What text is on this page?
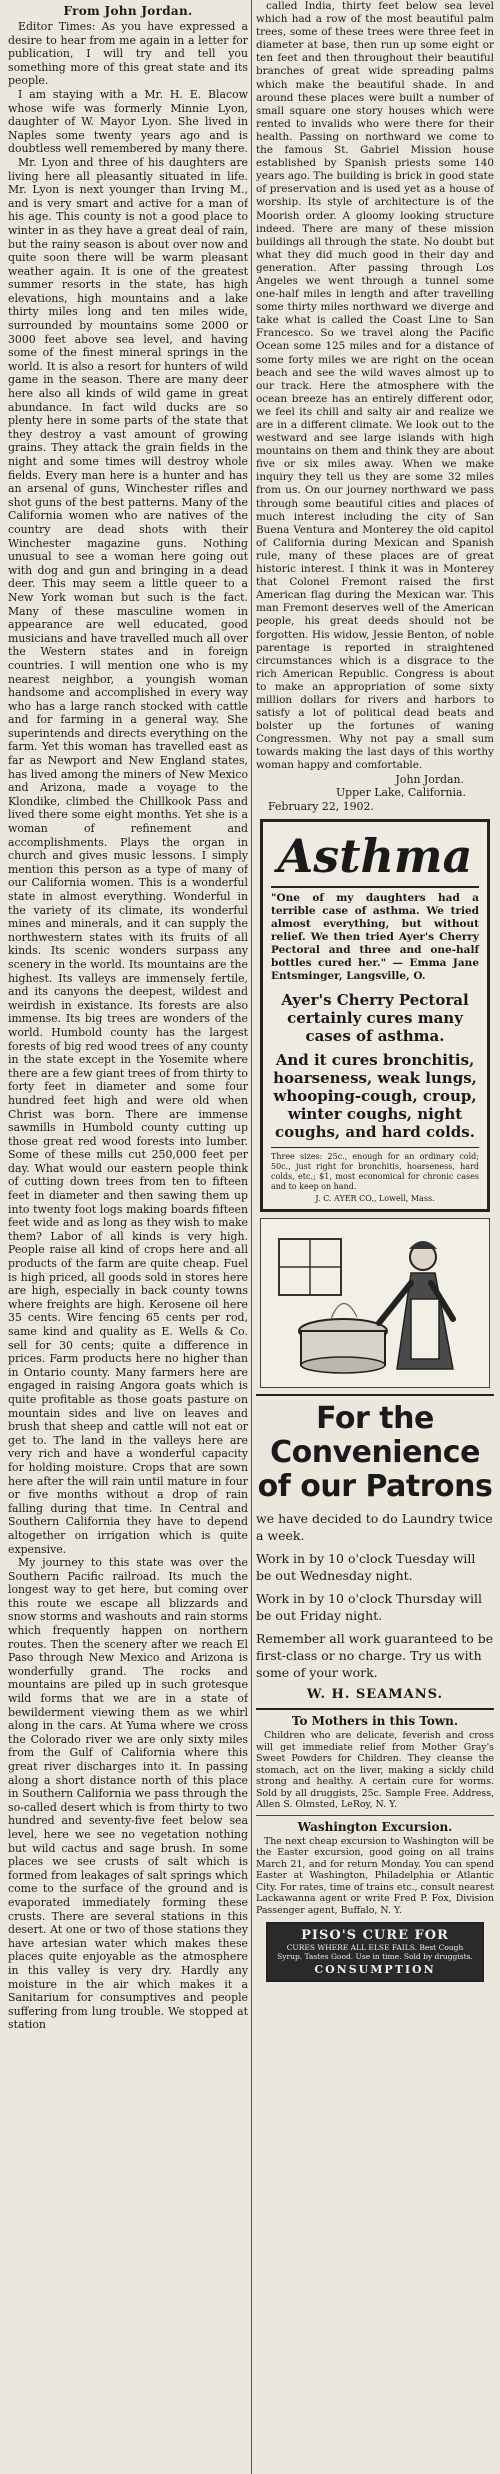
From John Jordan.

Editor Times: As you have expressed a desire to hear from me again in a letter for publication, I will try and tell you something more of this great state and its people.

I am staying with a Mr. H. E. Blacow whose wife was formerly Minnie Lyon, daughter of W. Mayor Lyon. She lived in Naples some twenty years ago and is doubtless well remembered by many there.

Mr. Lyon and three of his daughters are living here all pleasantly situated in life. Mr. Lyon is next younger than Irving M., and is very smart and active for a man of his age. This county is not a good place to winter in as they have a great deal of rain, but the rainy season is about over now and quite soon there will be warm pleasant weather again. It is one of the greatest summer resorts in the state, has high elevations, high mountains and a lake thirty miles long and ten miles wide, surrounded by mountains some 2000 or 3000 feet above sea level, and having some of the finest mineral springs in the world. It is also a resort for hunters of wild game in the season. There are many deer here also all kinds of wild game in great abundance. In fact wild ducks are so plenty here in some parts of the state that they destroy a vast amount of growing grains. They attack the grain fields in the night and some times will destroy whole fields. Every man here is a hunter and has an arsenal of guns, Winchester rifles and shot guns of the best patterns. Many of the California women who are natives of the country are dead shots with their Winchester magazine guns. Nothing unusual to see a woman here going out with dog and gun and bringing in a dead deer. This may seem a little queer to a New York woman but such is the fact. Many of these masculine women in appearance are well educated, good musicians and have travelled much all over the Western states and in foreign countries. I will mention one who is my nearest neighbor, a youngish woman handsome and accomplished in every way who has a large ranch stocked with cattle and for farming in a general way. She superintends and directs everything on the farm. Yet this woman has travelled east as far as Newport and New England states, has lived among the miners of New Mexico and Arizona, made a voyage to the Klondike, climbed the Chillkook Pass and lived there some eight months. Yet she is a woman of refinement and accomplishments. Plays the organ in church and gives music lessons. I simply mention this person as a type of many of our California women. This is a wonderful state in almost everything. Wonderful in the variety of its climate, its wonderful mines and minerals, and it can supply the northwestern states with its fruits of all kinds. Its scenic wonders surpass any scenery in the world. Its mountains are the highest. Its valleys are immensely fertile, and its canyons the deepest, wildest and weirdish in existance. Its forests are also immense. Its big trees are wonders of the world. Humbold county has the largest forests of big red wood trees of any county in the state except in the Yosemite where there are a few giant trees of from thirty to forty feet in diameter and some four hundred feet high and were old when Christ was born. There are immense sawmills in Humbold county cutting up those great red wood forests into lumber. Some of these mills cut 250,000 feet per day. What would our eastern people think of cutting down trees from ten to fifteen feet in diameter and then sawing them up into twenty foot logs making boards fifteen feet wide and as long as they wish to make them? Labor of all kinds is very high. People raise all kind of crops here and all products of the farm are quite cheap. Fuel is high priced, all goods sold in stores here are high, especially in back county towns where freights are high. Kerosene oil here 35 cents. Wire fencing 65 cents per rod, same kind and quality as E. Wells & Co. sell for 30 cents; quite a difference in prices. Farm products here no higher than in Ontario county. Many farmers here are engaged in raising Angora goats which is quite profitable as those goats pasture on mountain sides and live on leaves and brush that sheep and cattle will not eat or get to. The land in the valleys here are very rich and have a wonderful capacity for holding moisture. Crops that are sown here after the will rain until mature in four or five months without a drop of rain falling during that time. In Central and Southern California they have to depend altogether on irrigation which is quite expensive.

My journey to this state was over the Southern Pacific railroad. Its much the longest way to get here, but coming over this route we escape all blizzards and snow storms and washouts and rain storms which frequently happen on northern routes. Then the scenery after we reach El Paso through New Mexico and Arizona is wonderfully grand. The rocks and mountains are piled up in such grotesque wild forms that we are in a state of bewilderment viewing them as we whirl along in the cars. At Yuma where we cross the Colorado river we are only sixty miles from the Gulf of California where this great river discharges into it. In passing along a short distance north of this place in Southern California we pass through the so-called desert which is from thirty to two hundred and seventy-five feet below sea level, here we see no vegetation nothing but wild cactus and sage brush. In some places we see crusts of salt which is formed from leakages of salt springs which come to the surface of the ground and is evaporated immediately forming these crusts. There are several stations in this desert. At one or two of those stations they have artesian water which makes these places quite enjoyable as the atmosphere in this valley is very dry. Hardly any moisture in the air which makes it a Sanitarium for consumptives and people suffering from lung trouble. We stopped at station

called India, thirty feet below sea level which had a row of the most beautiful palm trees, some of these trees were three feet in diameter at base, then run up some eight or ten feet and then throughout their beautiful branches of great wide spreading palms which make the beautiful shade. In and around these places were built a number of small square one story houses which were rented to invalids who were there for their health. Passing on northward we come to the famous St. Gabriel Mission house established by Spanish priests some 140 years ago. The building is brick in good state of preservation and is used yet as a house of worship. Its style of architecture is of the Moorish order. A gloomy looking structure indeed. There are many of these mission buildings all through the state. No doubt but what they did much good in their day and generation. After passing through Los Angeles we went through a tunnel some one-half miles in length and after travelling some thirty miles northward we diverge and take what is called the Coast Line to San Francesco. So we travel along the Pacific Ocean some 125 miles and for a distance of some forty miles we are right on the ocean beach and see the wild waves almost up to our track. Here the atmosphere with the ocean breeze has an entirely different odor, we feel its chill and salty air and realize we are in a different climate. We look out to the westward and see large islands with high mountains on them and think they are about five or six miles away. When we make inquiry they tell us they are some 32 miles from us. On our journey northward we pass through some beautiful cities and places of much interest including the city of San Buena Ventura and Monterey the old capitol of California during Mexican and Spanish rule, many of these places are of great historic interest. I think it was in Monterey that Colonel Fremont raised the first American flag during the Mexican war. This man Fremont deserves well of the American people, his great deeds should not be forgotten. His widow, Jessie Benton, of noble parentage is reported in straightened circumstances which is a disgrace to the rich American Republic. Congress is about to make an appropriation of some sixty million dollars for rivers and harbors to satisfy a lot of political dead beats and bolster up the fortunes of waning Congressmen. Why not pay a small sum towards making the last days of this worthy woman happy and comfortable.

John Jordan.

Upper Lake, California.

February 22, 1902.

Asthma

"One of my daughters had a terrible case of asthma. We tried almost everything, but without relief. We then tried Ayer's Cherry Pectoral and three and one-half bottles cured her." — Emma Jane Entsminger, Langsville, O.

Ayer's Cherry Pectoral certainly cures many cases of asthma.
And it cures bronchitis, hoarseness, weak lungs, whooping-cough, croup, winter coughs, night coughs, and hard colds.
Three sizes: 25c., enough for an ordinary cold; 50c., just right for bronchitis, hoarseness, hard colds, etc.; $1, most economical for chronic cases and to keep on hand.
J. C. AYER CO., Lowell, Mass.
For the Convenience of our Patrons

we have decided to do Laundry twice a week.

Work in by 10 o'clock Tuesday will be out Wednesday night.

Work in by 10 o'clock Thursday will be out Friday night.

Remember all work guaranteed to be first-class or no charge. Try us with some of your work.

W. H. SEAMANS.
To Mothers in this Town.

Children who are delicate, feverish and cross will get immediate relief from Mother Gray's Sweet Powders for Children. They cleanse the stomach, act on the liver, making a sickly child strong and healthy. A certain cure for worms. Sold by all druggists, 25c. Sample Free. Address, Allen S. Olmsted, LeRoy, N. Y.

Washington Excursion.

The next cheap excursion to Washington will be the Easter excursion, good going on all trains March 21, and for return Monday. You can spend Easter at Washington, Philadelphia or Atlantic City. For rates, time of trains etc., consult nearest Lackawanna agent or write Fred P. Fox, Division Passenger agent, Buffalo, N. Y.

PISO'S CURE FOR
CURES WHERE ALL ELSE FAILS. Best Cough Syrup. Tastes Good. Use in time. Sold by druggists.
CONSUMPTION
